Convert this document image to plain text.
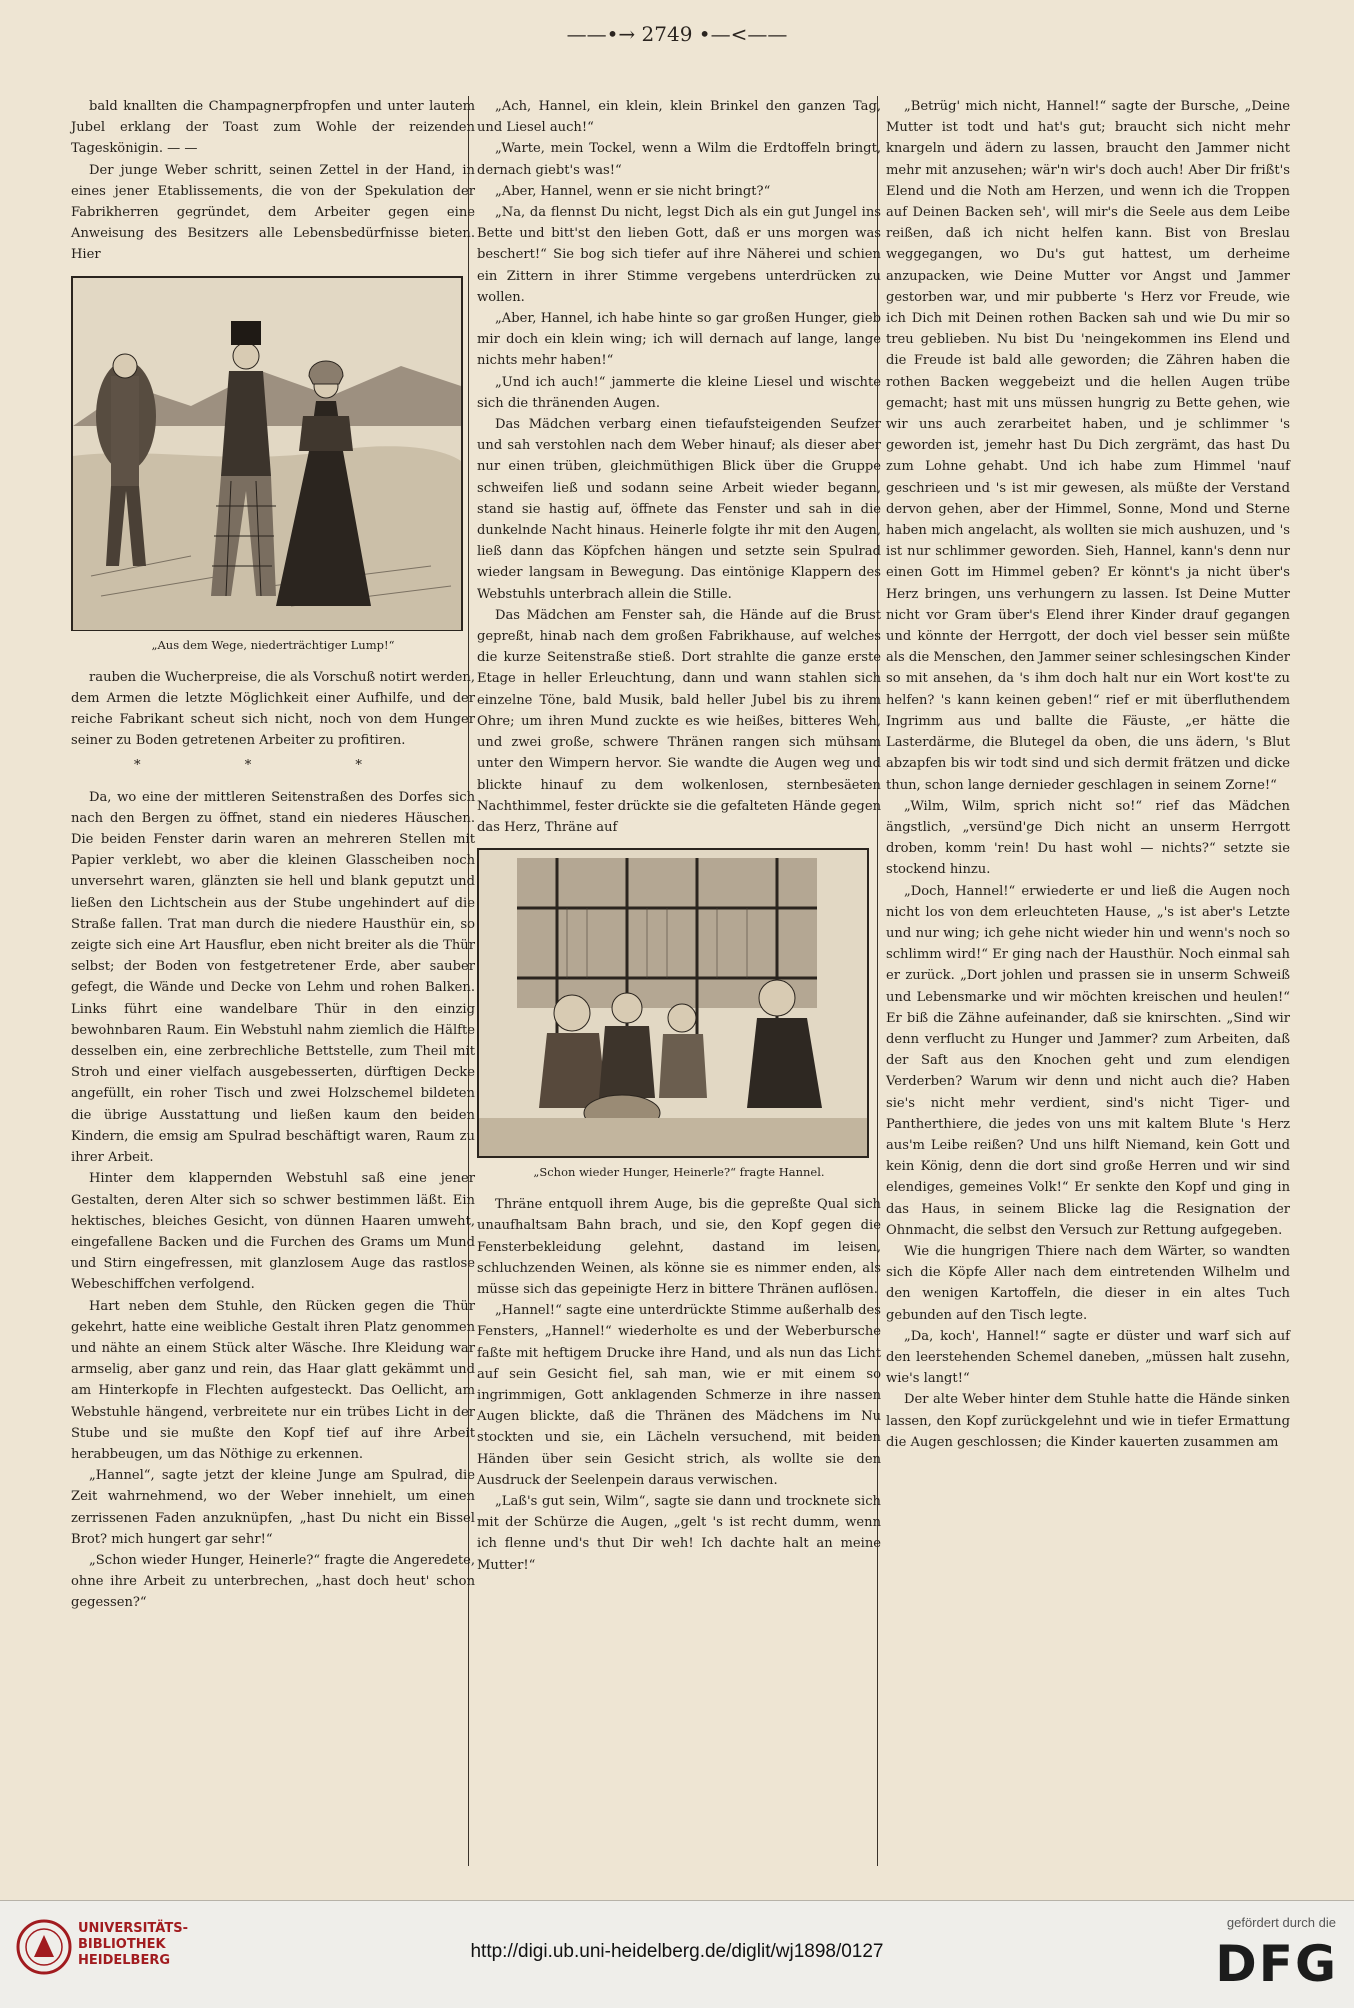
——•→ 2749 •—<——

bald knallten die Champagnerpfropfen und unter lautem Jubel erklang der Toast zum Wohle der reizenden Tageskönigin. — —

Der junge Weber schritt, seinen Zettel in der Hand, in eines jener Etablissements, die von der Spekulation der Fabrikherren gegründet, dem Arbeiter gegen eine Anweisung des Besitzers alle Lebensbedürfnisse bieten. Hier

„Aus dem Wege, niederträchtiger Lump!“

rauben die Wucherpreise, die als Vorschuß notirt werden, dem Armen die letzte Möglichkeit einer Aufhilfe, und der reiche Fabrikant scheut sich nicht, noch von dem Hunger seiner zu Boden getretenen Arbeiter zu profitiren.

* * *

Da, wo eine der mittleren Seitenstraßen des Dorfes sich nach den Bergen zu öffnet, stand ein niederes Häuschen. Die beiden Fenster darin waren an mehreren Stellen mit Papier verklebt, wo aber die kleinen Glasscheiben noch unversehrt waren, glänzten sie hell und blank geputzt und ließen den Lichtschein aus der Stube ungehindert auf die Straße fallen. Trat man durch die niedere Hausthür ein, so zeigte sich eine Art Hausflur, eben nicht breiter als die Thür selbst; der Boden von festgetretener Erde, aber sauber gefegt, die Wände und Decke von Lehm und rohen Balken. Links führt eine wandelbare Thür in den einzig bewohnbaren Raum. Ein Webstuhl nahm ziemlich die Hälfte desselben ein, eine zerbrechliche Bettstelle, zum Theil mit Stroh und einer vielfach ausgebesserten, dürftigen Decke angefüllt, ein roher Tisch und zwei Holzschemel bildeten die übrige Ausstattung und ließen kaum den beiden Kindern, die emsig am Spulrad beschäftigt waren, Raum zu ihrer Arbeit.

Hinter dem klappernden Webstuhl saß eine jener Gestalten, deren Alter sich so schwer bestimmen läßt. Ein hektisches, bleiches Gesicht, von dünnen Haaren umweht, eingefallene Backen und die Furchen des Grams um Mund und Stirn eingefressen, mit glanzlosem Auge das rastlose Webeschiffchen verfolgend.

Hart neben dem Stuhle, den Rücken gegen die Thür gekehrt, hatte eine weibliche Gestalt ihren Platz genommen und nähte an einem Stück alter Wäsche. Ihre Kleidung war armselig, aber ganz und rein, das Haar glatt gekämmt und am Hinterkopfe in Flechten aufgesteckt. Das Oellicht, am Webstuhle hängend, verbreitete nur ein trübes Licht in der Stube und sie mußte den Kopf tief auf ihre Arbeit herabbeugen, um das Nöthige zu erkennen.

„Hannel“, sagte jetzt der kleine Junge am Spulrad, die Zeit wahrnehmend, wo der Weber innehielt, um einen zerrissenen Faden anzuknüpfen, „hast Du nicht ein Bissel Brot? mich hungert gar sehr!“

„Schon wieder Hunger, Heinerle?“ fragte die Angeredete, ohne ihre Arbeit zu unterbrechen, „hast doch heut' schon gegessen?“

„Ach, Hannel, ein klein, klein Brinkel den ganzen Tag, und Liesel auch!“

„Warte, mein Tockel, wenn a Wilm die Erdtoffeln bringt, dernach giebt's was!“

„Aber, Hannel, wenn er sie nicht bringt?“

„Na, da flennst Du nicht, legst Dich als ein gut Jungel ins Bette und bitt'st den lieben Gott, daß er uns morgen was beschert!“ Sie bog sich tiefer auf ihre Näherei und schien ein Zittern in ihrer Stimme vergebens unterdrücken zu wollen.

„Aber, Hannel, ich habe hinte so gar großen Hunger, gieb mir doch ein klein wing; ich will dernach auf lange, lange nichts mehr haben!“

„Und ich auch!“ jammerte die kleine Liesel und wischte sich die thränenden Augen.

Das Mädchen verbarg einen tiefaufsteigenden Seufzer und sah verstohlen nach dem Weber hinauf; als dieser aber nur einen trüben, gleichmüthigen Blick über die Gruppe schweifen ließ und sodann seine Arbeit wieder begann, stand sie hastig auf, öffnete das Fenster und sah in die dunkelnde Nacht hinaus. Heinerle folgte ihr mit den Augen, ließ dann das Köpfchen hängen und setzte sein Spulrad wieder langsam in Bewegung. Das eintönige Klappern des Webstuhls unterbrach allein die Stille.

Das Mädchen am Fenster sah, die Hände auf die Brust gepreßt, hinab nach dem großen Fabrikhause, auf welches die kurze Seitenstraße stieß. Dort strahlte die ganze erste Etage in heller Erleuchtung, dann und wann stahlen sich einzelne Töne, bald Musik, bald heller Jubel bis zu ihrem Ohre; um ihren Mund zuckte es wie heißes, bitteres Weh, und zwei große, schwere Thränen rangen sich mühsam unter den Wimpern hervor. Sie wandte die Augen weg und blickte hinauf zu dem wolkenlosen, sternbesäeten Nachthimmel, fester drückte sie die gefalteten Hände gegen das Herz, Thräne auf

„Schon wieder Hunger, Heinerle?“ fragte Hannel.

Thräne entquoll ihrem Auge, bis die gepreßte Qual sich unaufhaltsam Bahn brach, und sie, den Kopf gegen die Fensterbekleidung gelehnt, dastand im leisen, schluchzenden Weinen, als könne sie es nimmer enden, als müsse sich das gepeinigte Herz in bittere Thränen auflösen.

„Hannel!“ sagte eine unterdrückte Stimme außerhalb des Fensters, „Hannel!“ wiederholte es und der Weberbursche faßte mit heftigem Drucke ihre Hand, und als nun das Licht auf sein Gesicht fiel, sah man, wie er mit einem so ingrimmigen, Gott anklagenden Schmerze in ihre nassen Augen blickte, daß die Thränen des Mädchens im Nu stockten und sie, ein Lächeln versuchend, mit beiden Händen über sein Gesicht strich, als wollte sie den Ausdruck der Seelenpein daraus verwischen.

„Laß's gut sein, Wilm“, sagte sie dann und trocknete sich mit der Schürze die Augen, „gelt 's ist recht dumm, wenn ich flenne und's thut Dir weh! Ich dachte halt an meine Mutter!“

„Betrüg' mich nicht, Hannel!“ sagte der Bursche, „Deine Mutter ist todt und hat's gut; braucht sich nicht mehr knargeln und ädern zu lassen, braucht den Jammer nicht mehr mit anzusehen; wär'n wir's doch auch! Aber Dir frißt's Elend und die Noth am Herzen, und wenn ich die Troppen auf Deinen Backen seh', will mir's die Seele aus dem Leibe reißen, daß ich nicht helfen kann. Bist von Breslau weggegangen, wo Du's gut hattest, um derheime anzupacken, wie Deine Mutter vor Angst und Jammer gestorben war, und mir pubberte 's Herz vor Freude, wie ich Dich mit Deinen rothen Backen sah und wie Du mir so treu geblieben. Nu bist Du 'neingekommen ins Elend und die Freude ist bald alle geworden; die Zähren haben die rothen Backen weggebeizt und die hellen Augen trübe gemacht; hast mit uns müssen hungrig zu Bette gehen, wie wir uns auch zerarbeitet haben, und je schlimmer 's geworden ist, jemehr hast Du Dich zergrämt, das hast Du zum Lohne gehabt. Und ich habe zum Himmel 'nauf geschrieen und 's ist mir gewesen, als müßte der Verstand dervon gehen, aber der Himmel, Sonne, Mond und Sterne haben mich angelacht, als wollten sie mich aushuzen, und 's ist nur schlimmer geworden. Sieh, Hannel, kann's denn nur einen Gott im Himmel geben? Er könnt's ja nicht über's Herz bringen, uns verhungern zu lassen. Ist Deine Mutter nicht vor Gram über's Elend ihrer Kinder drauf gegangen und könnte der Herrgott, der doch viel besser sein müßte als die Menschen, den Jammer seiner schlesingschen Kinder so mit ansehen, da 's ihm doch halt nur ein Wort kost'te zu helfen? 's kann keinen geben!“ rief er mit überfluthendem Ingrimm aus und ballte die Fäuste, „er hätte die Lasterdärme, die Blutegel da oben, die uns ädern, 's Blut abzapfen bis wir todt sind und sich dermit frätzen und dicke thun, schon lange dernieder geschlagen in seinem Zorne!“

„Wilm, Wilm, sprich nicht so!“ rief das Mädchen ängstlich, „versünd'ge Dich nicht an unserm Herrgott droben, komm 'rein! Du hast wohl — nichts?“ setzte sie stockend hinzu.

„Doch, Hannel!“ erwiederte er und ließ die Augen noch nicht los von dem erleuchteten Hause, „'s ist aber's Letzte und nur wing; ich gehe nicht wieder hin und wenn's noch so schlimm wird!“ Er ging nach der Hausthür. Noch einmal sah er zurück. „Dort johlen und prassen sie in unserm Schweiß und Lebensmarke und wir möchten kreischen und heulen!“ Er biß die Zähne aufeinander, daß sie knirschten. „Sind wir denn verflucht zu Hunger und Jammer? zum Arbeiten, daß der Saft aus den Knochen geht und zum elendigen Verderben? Warum wir denn und nicht auch die? Haben sie's nicht mehr verdient, sind's nicht Tiger- und Pantherthiere, die jedes von uns mit kaltem Blute 's Herz aus'm Leibe reißen? Und uns hilft Niemand, kein Gott und kein König, denn die dort sind große Herren und wir sind elendiges, gemeines Volk!“ Er senkte den Kopf und ging in das Haus, in seinem Blicke lag die Resignation der Ohnmacht, die selbst den Versuch zur Rettung aufgegeben.

Wie die hungrigen Thiere nach dem Wärter, so wandten sich die Köpfe Aller nach dem eintretenden Wilhelm und den wenigen Kartoffeln, die dieser in ein altes Tuch gebunden auf den Tisch legte.

„Da, koch', Hannel!“ sagte er düster und warf sich auf den leerstehenden Schemel daneben, „müssen halt zusehn, wie's langt!“

Der alte Weber hinter dem Stuhle hatte die Hände sinken lassen, den Kopf zurückgelehnt und wie in tiefer Ermattung die Augen geschlossen; die Kinder kauerten zusammen am

UNIVERSITÄTS-
BIBLIOTHEK
HEIDELBERG	http://digi.ub.uni-heidelberg.de/diglit/wj1898/0127
gefördert durch die
DFG
